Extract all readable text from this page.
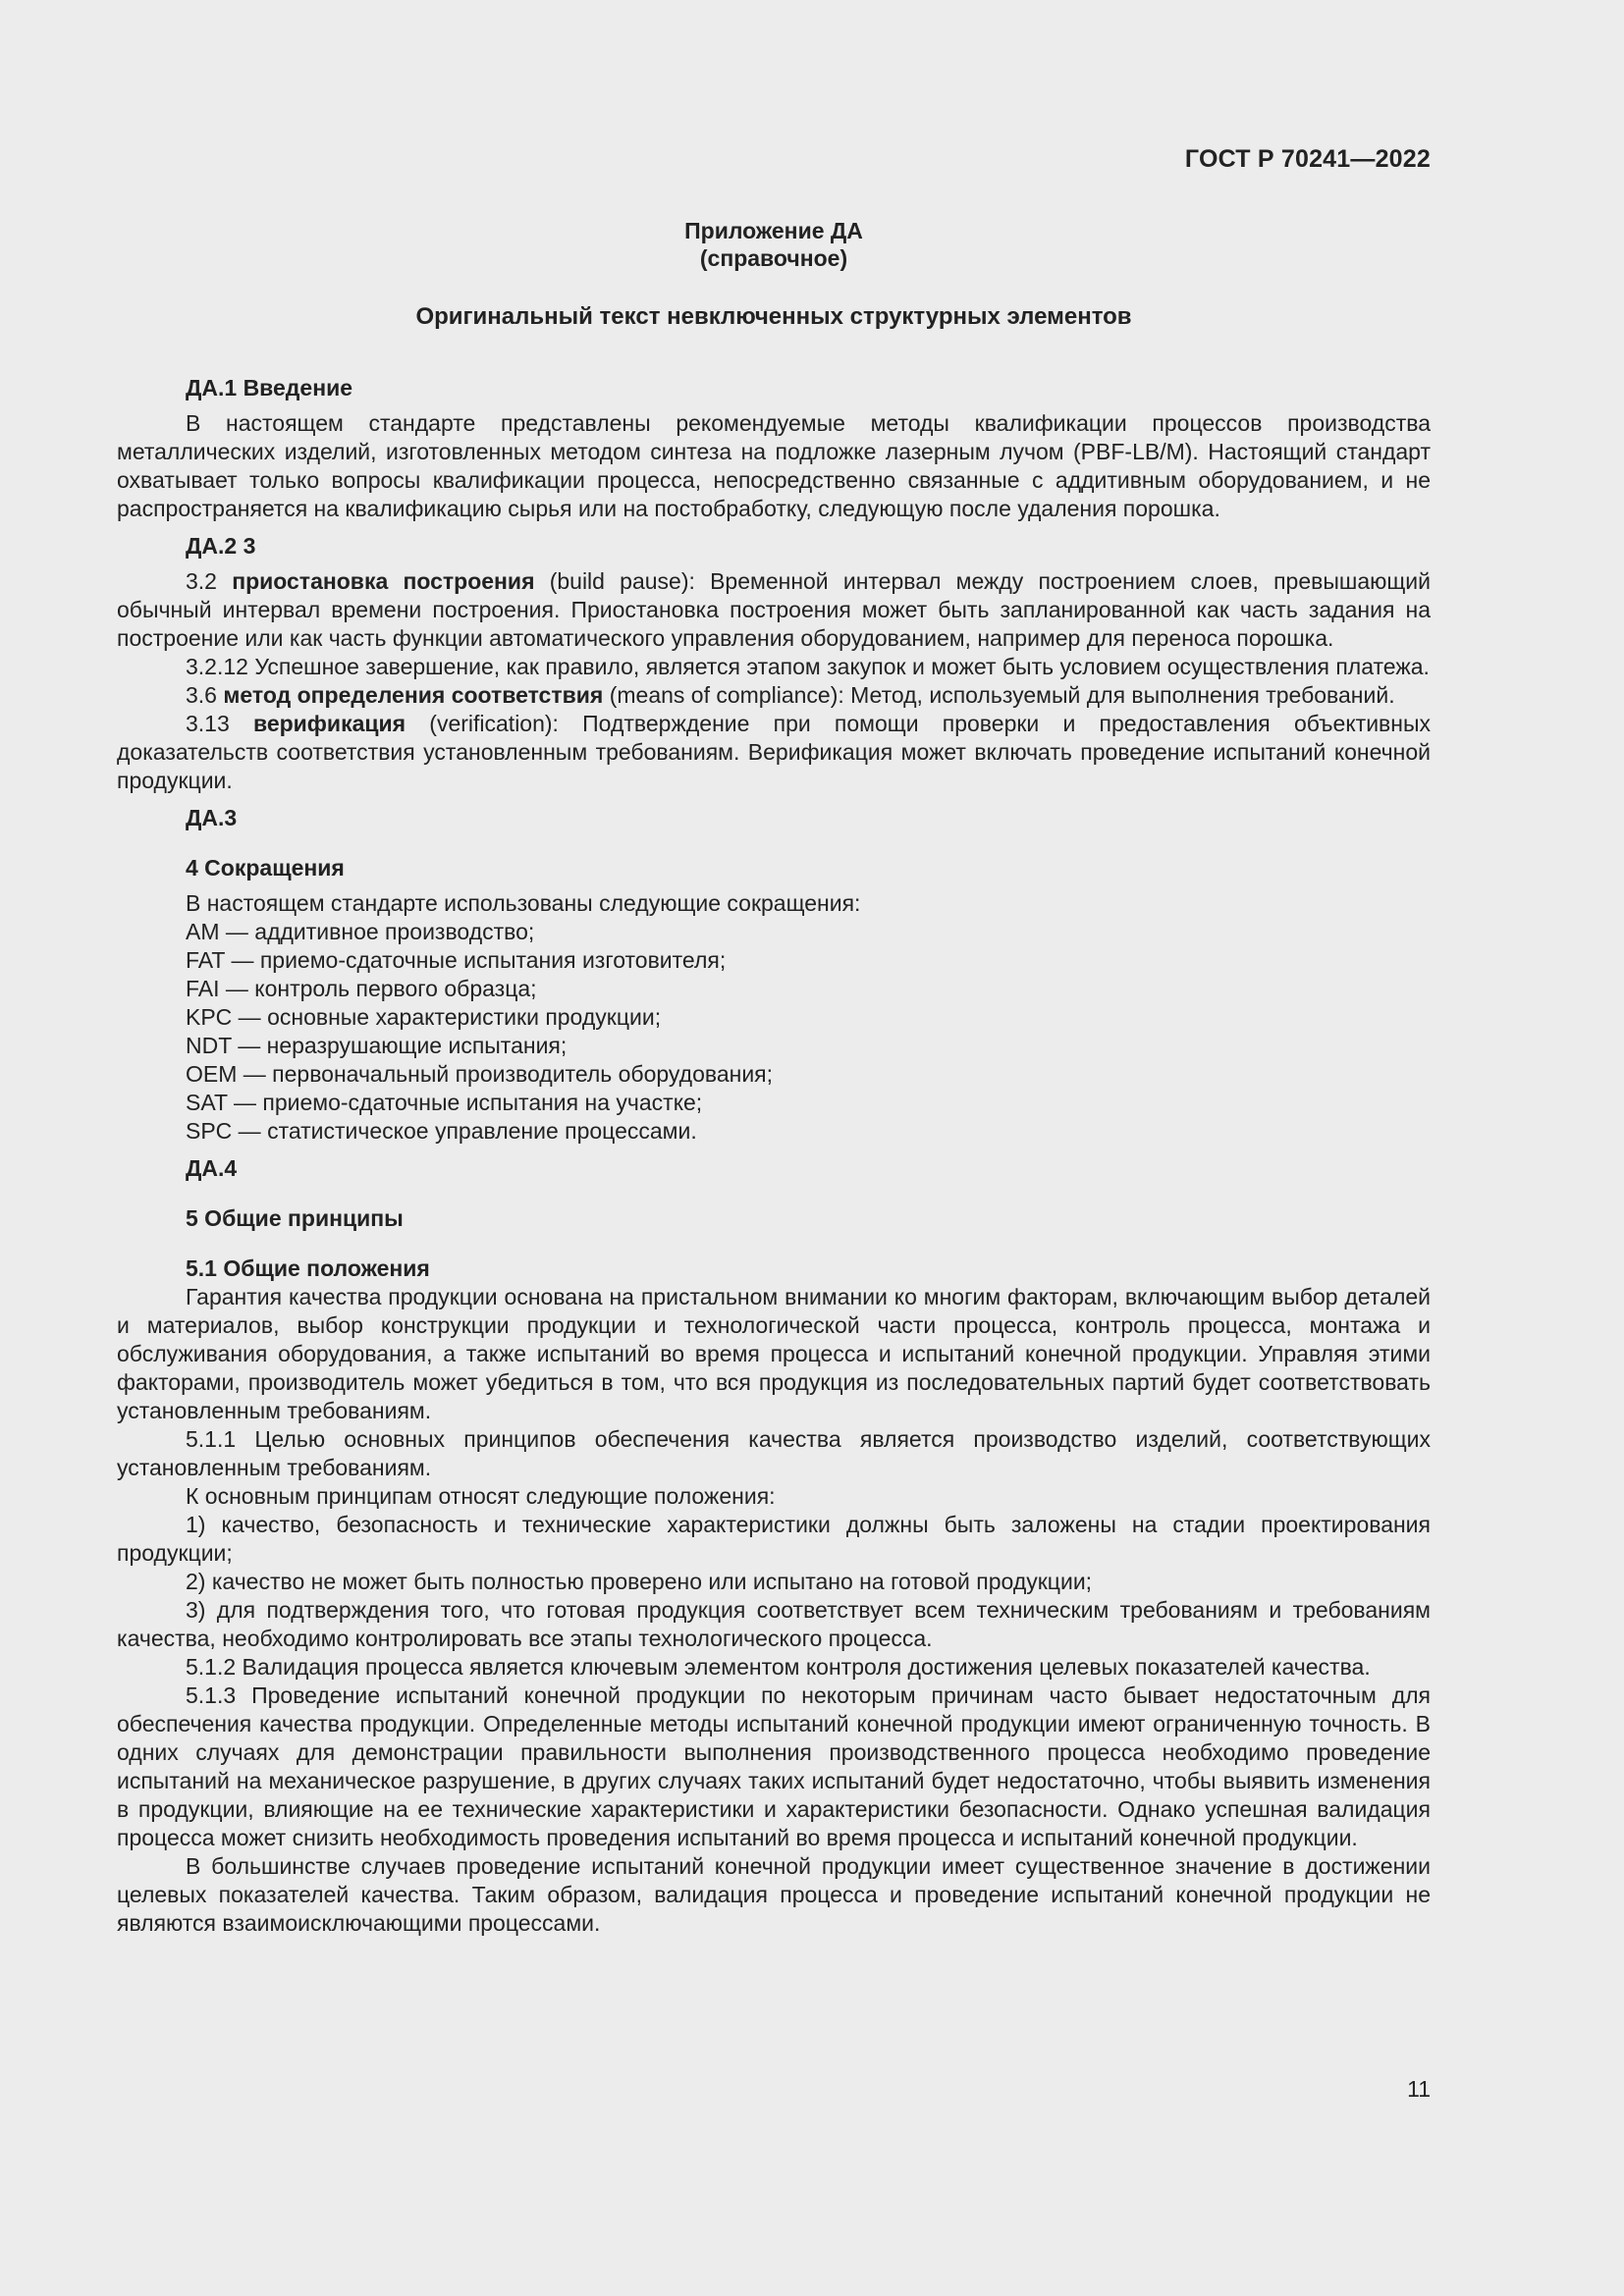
ГОСТ Р 70241—2022
Приложение ДА
(справочное)
Оригинальный текст невключенных структурных элементов
ДА.1 Введение

В настоящем стандарте представлены рекомендуемые методы квалификации процессов производства металлических изделий, изготовленных методом синтеза на подложке лазерным лучом (PBF-LB/M). Настоящий стандарт охватывает только вопросы квалификации процесса, непосредственно связанные с аддитивным оборудованием, и не распространяется на квалификацию сырья или на постобработку, следующую после удаления порошка.

ДА.2 3

3.2 приостановка построения (build pause): Временной интервал между построением слоев, превышающий обычный интервал времени построения. Приостановка построения может быть запланированной как часть задания на построение или как часть функции автоматического управления оборудованием, например для переноса порошка.

3.2.12 Успешное завершение, как правило, является этапом закупок и может быть условием осуществления платежа.

3.6 метод определения соответствия (means of compliance): Метод, используемый для выполнения требований.

3.13 верификация (verification): Подтверждение при помощи проверки и предоставления объективных доказательств соответствия установленным требованиям. Верификация может включать проведение испытаний конечной продукции.

ДА.3
4 Сокращения

В настоящем стандарте использованы следующие сокращения:

AM — аддитивное производство;

FAT — приемо-сдаточные испытания изготовителя;

FAI — контроль первого образца;

KPC — основные характеристики продукции;

NDT — неразрушающие испытания;

OEM — первоначальный производитель оборудования;

SAT — приемо-сдаточные испытания на участке;

SPC — статистическое управление процессами.

ДА.4
5 Общие принципы
5.1 Общие положения

Гарантия качества продукции основана на пристальном внимании ко многим факторам, включающим выбор деталей и материалов, выбор конструкции продукции и технологической части процесса, контроль процесса, монтажа и обслуживания оборудования, а также испытаний во время процесса и испытаний конечной продукции. Управляя этими факторами, производитель может убедиться в том, что вся продукция из последовательных партий будет соответствовать установленным требованиям.

5.1.1 Целью основных принципов обеспечения качества является производство изделий, соответствующих установленным требованиям.

К основным принципам относят следующие положения:

1) качество, безопасность и технические характеристики должны быть заложены на стадии проектирования продукции;

2) качество не может быть полностью проверено или испытано на готовой продукции;

3) для подтверждения того, что готовая продукция соответствует всем техническим требованиям и требованиям качества, необходимо контролировать все этапы технологического процесса.

5.1.2 Валидация процесса является ключевым элементом контроля достижения целевых показателей качества.

5.1.3 Проведение испытаний конечной продукции по некоторым причинам часто бывает недостаточным для обеспечения качества продукции. Определенные методы испытаний конечной продукции имеют ограниченную точность. В одних случаях для демонстрации правильности выполнения производственного процесса необходимо проведение испытаний на механическое разрушение, в других случаях таких испытаний будет недостаточно, чтобы выявить изменения в продукции, влияющие на ее технические характеристики и характеристики безопасности. Однако успешная валидация процесса может снизить необходимость проведения испытаний во время процесса и испытаний конечной продукции.

В большинстве случаев проведение испытаний конечной продукции имеет существенное значение в достижении целевых показателей качества. Таким образом, валидация процесса и проведение испытаний конечной продукции не являются взаимоисключающими процессами.

11
